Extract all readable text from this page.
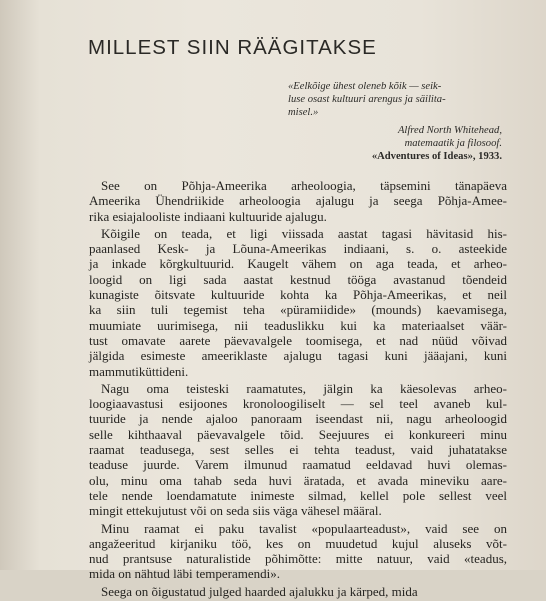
MILLEST SIIN RÄÄGITAKSE
«Eelkõige ühest oleneb kõik — seik-
luse osast kultuuri arengus ja säilita-
misel.»
Alfred North Whitehead,
matemaatik ja filosoof.
«Adventures of Ideas», 1933.
See on Põhja-Ameerika arheoloogia, täpsemini tänapäeva
Ameerika Ühendriikide arheoloogia ajalugu ja seega Põhja-Ameе-
rika esiajalooliste indiaani kultuuride ajalugu.
Kõigile on teada, et ligi viissada aastat tagasi hävitasid his-
paanlased Kesk- ja Lõuna-Ameerikas indiaani, s. o. asteekide
ja inkade kõrgkultuurid. Kaugelt vähem on aga teada, et arheo-
loogid on ligi sada aastat kestnud tööga avastanud tõendeid
kunagiste õitsvate kultuuride kohta ka Põhja-Ameerikas, et neil
ka siin tuli tegemist teha «püramiidide» (mounds) kaevamisega,
muumiate uurimisega, nii teaduslikku kui ka materiaalset väär-
tust omavate aarete päevavalgele toomisega, et nad nüüd võivad
jälgida esimeste ameeriklaste ajalugu tagasi kuni jääajani, kuni
mammutiküttideni.
Nagu oma teisteski raamatutes, jälgin ka käesolevas arheo-
loogiaavastusi esijoones kronoloogiliselt — sel teel avaneb kul-
tuuride ja nende ajaloo panoraam iseendast nii, nagu arheoloogid
selle kihthaaval päevavalgele tõid. Seejuures ei konkureeri minu
raamat teadusega, sest selles ei tehta teadust, vaid juhatatakse
teaduse juurde. Varem ilmunud raamatud eeldavad huvi olemas-
olu, minu oma tahab seda huvi äratada, et avada mineviku aare-
tele nende loendamatute inimeste silmad, kellel pole sellest veel
mingit ettekujutust või on seda siis väga vähesel määral.
Minu raamat ei paku tavalist «populaarteadust», vaid see on
angažeeritud kirjaniku töö, kes on muudetud kujul aluseks võt-
nud prantsuse naturalistide põhimõtte: mitte natuur, vaid «teadus,
mida on nähtud läbi temperamendi».
Seega on õigustatud julged haarded ajalukku ja kärped, mida
